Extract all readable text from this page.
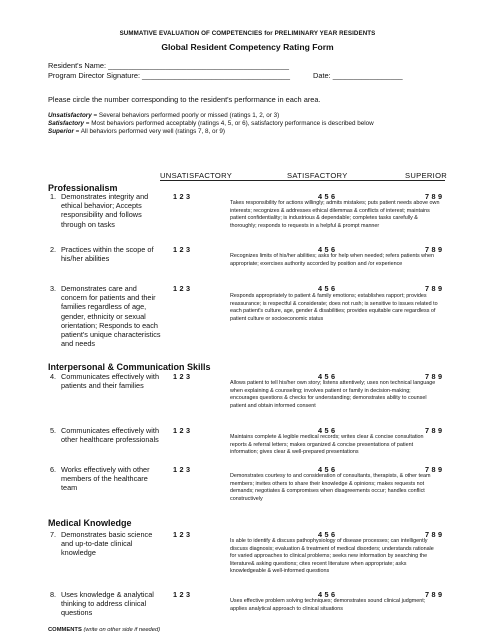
SUMMATIVE EVALUATION OF COMPETENCIES for PRELIMINARY YEAR RESIDENTS
Global Resident Competency Rating Form
Resident's Name: ____________________________________________
Program Director Signature: ____________________________________	Date: _________________
Please circle the number corresponding to the resident's performance in each area.
Unsatisfactory = Several behaviors performed poorly or missed (ratings 1, 2, or 3)
Satisfactory = Most behaviors performed acceptably (ratings 4, 5, or 6), satisfactory performance is described below
Superior = All behaviors performed very well (ratings 7, 8, or 9)
UNSATISFACTORY	SATISFACTORY	SUPERIOR
Professionalism
1. Demonstrates integrity and ethical behavior; Accepts responsibility and follows through on tasks
1 2 3	4 5 6	7 8 9
Takes responsibility for actions willingly; admits mistakes; puts patient needs above own interests; recognizes & addresses ethical dilemmas & conflicts of interest; maintains patient confidentiality; is industrious & dependable; completes tasks carefully & thoroughly; responds to requests in a helpful & prompt manner
2. Practices within the scope of his/her abilities
1 2 3	4 5 6	7 8 9
Recognizes limits of his/her abilities; asks for help when needed; refers patients when appropriate; exercises authority accorded by position and /or experience
3. Demonstrates care and concern for patients and their families regardless of age, gender, ethnicity or sexual orientation; Responds to each patient's unique characteristics and needs
1 2 3	4 5 6	7 8 9
Responds appropriately to patient & family emotions; establishes rapport; provides reassurance; is respectful & considerate; does not rush; is sensitive to issues related to each patient's culture, age, gender & disabilities; provides equitable care regardless of patient culture or socioeconomic status
Interpersonal & Communication Skills
4. Communicates effectively with patients and their families
1 2 3	4 5 6	7 8 9
Allows patient to tell his/her own story; listens attentively; uses non technical language when explaining & counseling; involves patient or family in decision-making; encourages questions & checks for understanding; demonstrates ability to counsel patient and obtain informed consent
5. Communicates effectively with other healthcare professionals
1 2 3	4 5 6	7 8 9
Maintains complete & legible medical records; writes clear & concise consultation reports & referral letters; makes organized & concise presentations of patient information; gives clear & well-prepared presentations
6. Works effectively with other members of the healthcare team
1 2 3	4 5 6	7 8 9
Demonstrates courtesy to and consideration of consultants, therapists, & other team members; invites others to share their knowledge & opinions; makes requests not demands; negotiates & compromises when disagreements occur; handles conflict constructively
Medical Knowledge
7. Demonstrates basic science and up-to-date clinical knowledge
1 2 3	4 5 6	7 8 9
Is able to identify & discuss pathophysiology of disease processes; can intelligently discuss diagnosis; evaluation & treatment of medical disorders; understands rationale for varied approaches to clinical problems; seeks new information by searching the literature& asking questions; cites recent literature when appropriate; asks knowledgeable & well-informed questions
8. Uses knowledge & analytical thinking to address clinical questions
1 2 3	4 5 6	7 8 9
Uses effective problem solving techniques; demonstrates sound clinical judgment; applies analytical approach to clinical situations
COMMENTS (write on other side if needed)
